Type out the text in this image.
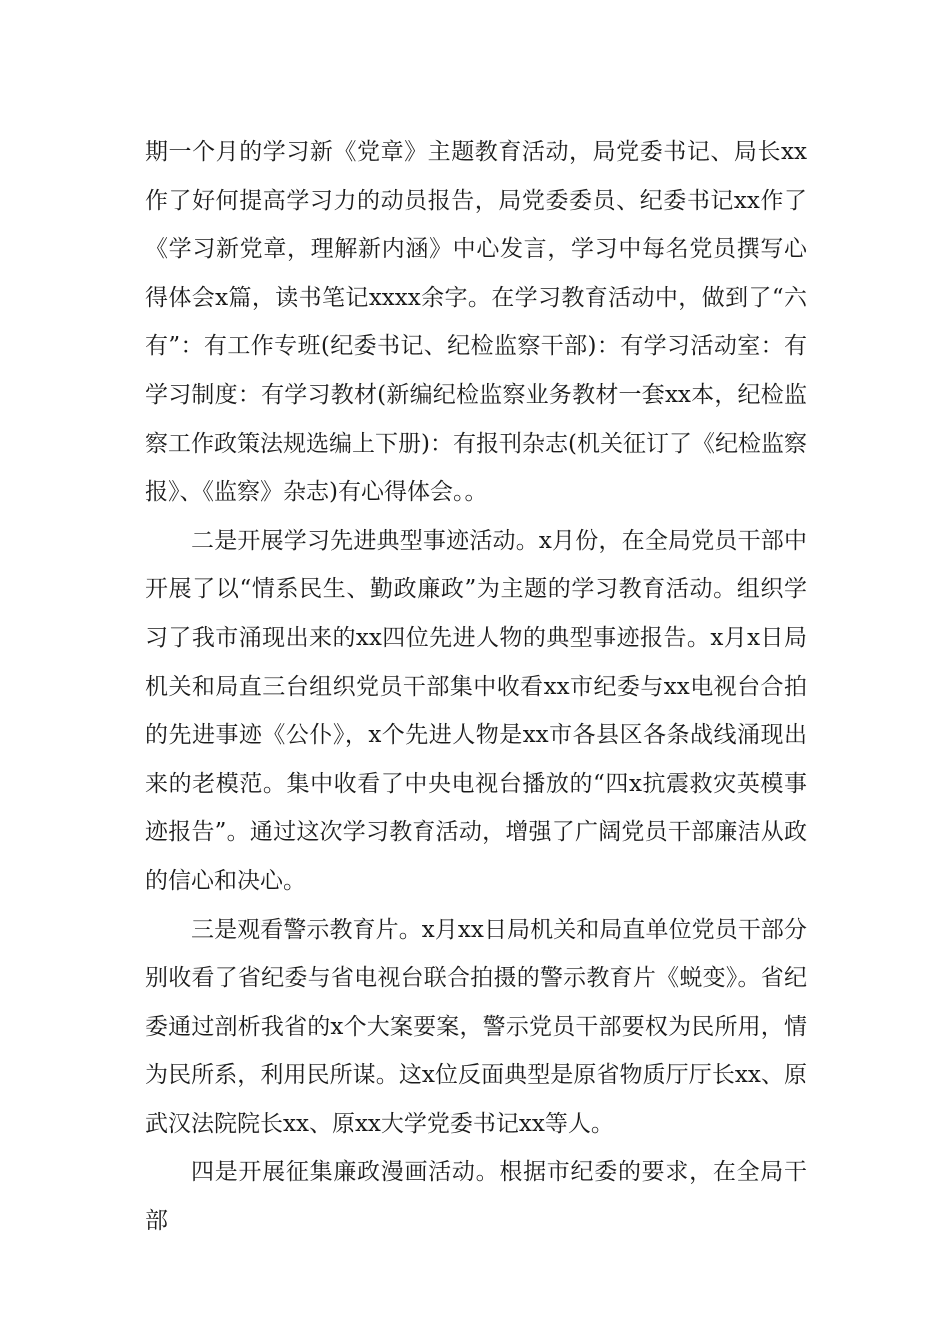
期一个月的学习新《党章》主题教育活动，局党委书记、局长xx作了好何提高学习力的动员报告，局党委委员、纪委书记xx作了《学习新党章，理解新内涵》中心发言，学习中每名党员撰写心得体会x篇，读书笔记xxxx余字。在学习教育活动中，做到了“六有”：有工作专班(纪委书记、纪检监察干部)：有学习活动室：有学习制度：有学习教材(新编纪检监察业务教材一套xx本，纪检监察工作政策法规选编上下册)：有报刊杂志(机关征订了《纪检监察报》、《监察》杂志)有心得体会。。

二是开展学习先进典型事迹活动。x月份，在全局党员干部中开展了以“情系民生、勤政廉政”为主题的学习教育活动。组织学习了我市涌现出来的xx四位先进人物的典型事迹报告。x月x日局机关和局直三台组织党员干部集中收看xx市纪委与xx电视台合拍的先进事迹《公仆》，x个先进人物是xx市各县区各条战线涌现出来的老模范。集中收看了中央电视台播放的“四x抗震救灾英模事迹报告”。通过这次学习教育活动，增强了广阔党员干部廉洁从政的信心和决心。

三是观看警示教育片。x月xx日局机关和局直单位党员干部分别收看了省纪委与省电视台联合拍摄的警示教育片《蜕变》。省纪委通过剖析我省的x个大案要案，警示党员干部要权为民所用，情为民所系，利用民所谋。这x位反面典型是原省物质厅厅长xx、原武汉法院院长xx、原xx大学党委书记xx等人。

四是开展征集廉政漫画活动。根据市纪委的要求，在全局干部
